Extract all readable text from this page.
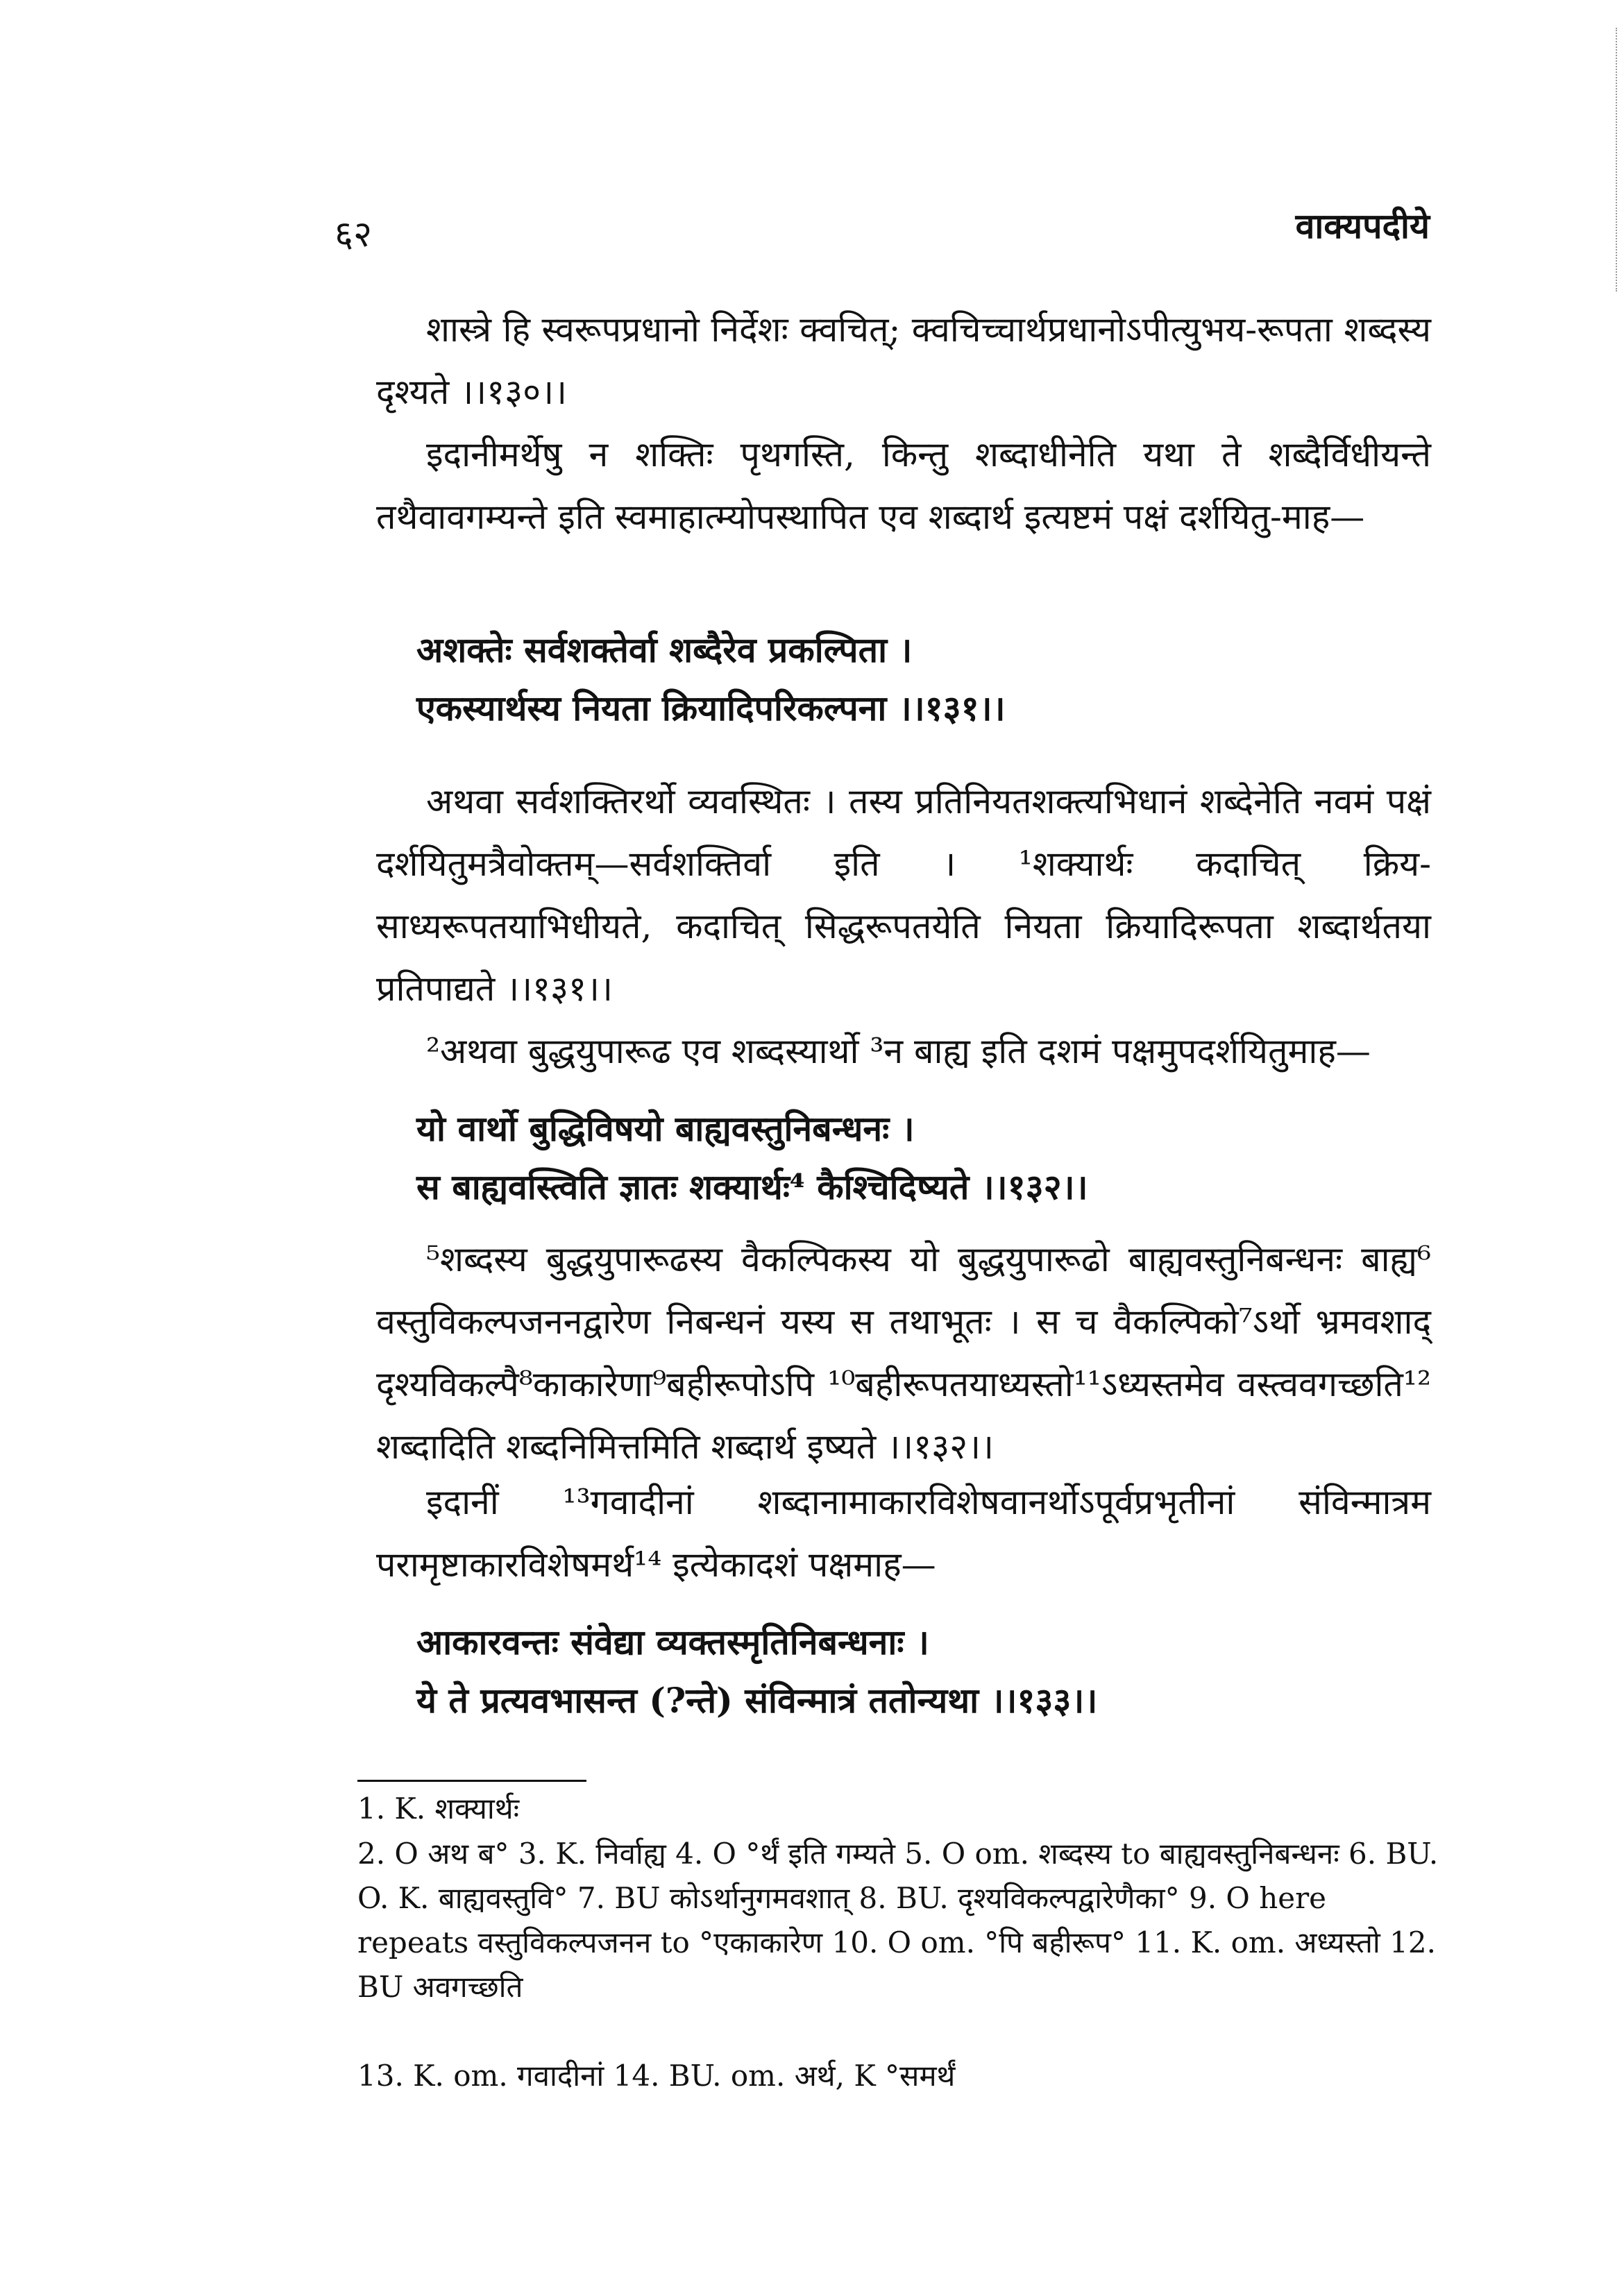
६२	वाक्यपदीये

शास्त्रे हि स्वरूपप्रधानो निर्देशः क्वचित्; क्वचिच्चार्थप्रधानोऽपीत्युभय-रूपता शब्दस्य दृश्यते ।।१३०।।

इदानीमर्थेषु न शक्तिः पृथगस्ति, किन्तु शब्दाधीनेति यथा ते शब्दैर्विधीयन्ते तथैवावगम्यन्ते इति स्वमाहात्म्योपस्थापित एव शब्दार्थ इत्यष्टमं पक्षं दर्शयितु-माह—

अशक्तेः सर्वशक्तेर्वा शब्दैरेव प्रकल्पिता ।
एकस्यार्थस्य नियता क्रियादिपरिकल्पना ।।१३१।।

अथवा सर्वशक्तिरर्थो व्यवस्थितः । तस्य प्रतिनियतशक्त्यभिधानं शब्देनेति नवमं पक्षं दर्शयितुमत्रैवोक्तम्—सर्वशक्तिर्वा इति । ¹शक्यार्थः कदाचित् क्रिय-साध्यरूपतयाभिधीयते, कदाचित् सिद्धरूपतयेति नियता क्रियादिरूपता शब्दार्थतया प्रतिपाद्यते ।।१३१।।

²अथवा बुद्धयुपारूढ एव शब्दस्यार्थो ³न बाह्य इति दशमं पक्षमुपदर्शयितुमाह—

यो वार्थो बुद्धिविषयो बाह्यवस्तुनिबन्धनः ।
स बाह्यवस्त्विति ज्ञातः शक्यार्थः⁴ कैश्चिदिष्यते ।।१३२।।

⁵शब्दस्य बुद्धयुपारूढस्य वैकल्पिकस्य यो बुद्धयुपारूढो बाह्यवस्तुनिबन्धनः बाह्य⁶ वस्तुविकल्पजननद्वारेण निबन्धनं यस्य स तथाभूतः । स च वैकल्पिको⁷ऽर्थो भ्रमवशाद् दृश्यविकल्पै⁸काकारेणा⁹बहीरूपोऽपि ¹⁰बहीरूपतयाध्यस्तो¹¹ऽध्यस्तमेव वस्त्ववगच्छति¹² शब्दादिति शब्दनिमित्तमिति शब्दार्थ इष्यते ।।१३२।।

इदानीं ¹³गवादीनां शब्दानामाकारविशेषवानर्थोऽपूर्वप्रभृतीनां संविन्मात्रम परामृष्टाकारविशेषमर्थ¹⁴ इत्येकादशं पक्षमाह—

आकारवन्तः संवेद्या व्यक्तस्मृतिनिबन्धनाः ।
ये ते प्रत्यवभासन्त (?न्ते) संविन्मात्रं ततोन्यथा ।।१३३।।

1. K. शक्यार्थः

2. O अथ ब° 3. K. निर्वाह्य 4. O °र्थं इति गम्यते 5. O om. शब्दस्य to बाह्यवस्तुनिबन्धनः 6. BU. O. K. बाह्यवस्तुवि° 7. BU कोऽर्थानुगमवशात् 8. BU. दृश्यविकल्पद्वारेणैका° 9. O here repeats वस्तुविकल्पजनन to °एकाकारेण 10. O om. °पि बहीरूप° 11. K. om. अध्यस्तो 12. BU अवगच्छति

13. K. om. गवादीनां 14. BU. om. अर्थ, K °समर्थं
